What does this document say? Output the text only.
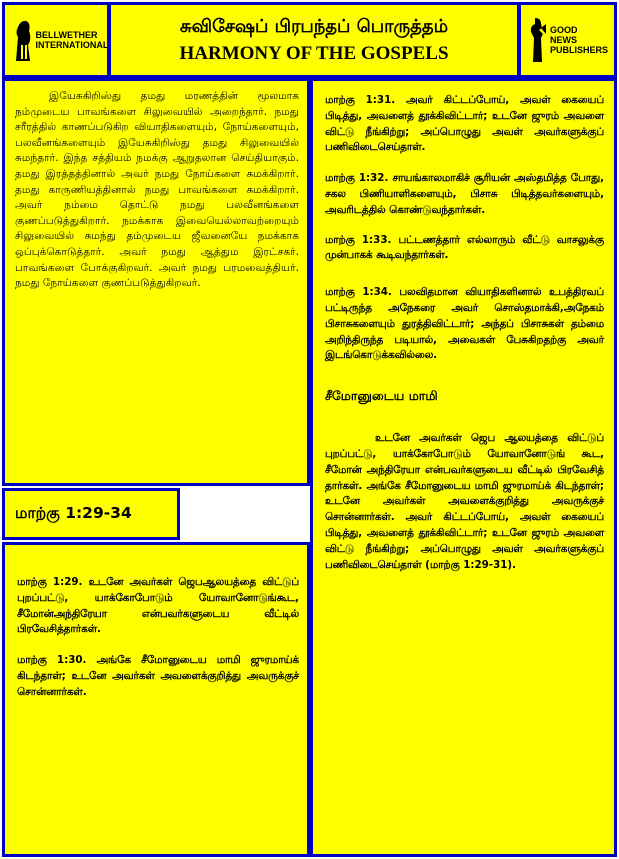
BELLWETHER INTERNATIONAL
சுவிசேஷப் பிரபந்தப் பொருத்தம்
HARMONY OF THE GOSPELS
GOOD NEWS PUBLISHERS

இயேசுகிறிஸ்து தமது மரணத்தின் மூலமாக நம்முடைய பாவங்களை சிலுவையில் அறைந்தார். நமது சரீரத்தில் காணப்படுகிற வியாதிகளையும், நோய்களையும், பலவீனங்களையும் இயேசுகிறிஸ்து தமது சிலுவையில் சுமந்தார். இந்த சத்தியம் நமக்கு ஆறுதலான செய்தியாகும். தமது இரத்தத்தினால் அவர் நமது நோய்களை சுமக்கிறார். தமது காருணியத்தினால் நமது பாவங்களை சுமக்கிறார். அவர் நம்மை தொட்டு நமது பலவீனங்களை குணப்படுத்துகிறார். நமக்காக இவையெல்லாவற்றையும் சிலுவையில் சுமந்து தம்முடைய ஜீவனையே நமக்காக ஒப்புக்கொடுத்தார். அவர் நமது ஆத்தும இரட்சகர். பாவங்களை போக்குகிறவர். அவர் நமது பரமவைத்தியர். நமது நோய்களை குணப்படுத்துகிறவர்.

மாற்கு 1:29-34

மாற்கு 1:29. உடனே அவர்கள் ஜெபஆலயத்தை விட்டுப் புறப்பட்டு, யாக்கோபோடும் யோவானோடுங்கூட, சீமோன்அந்திரேயா என்பவர்களுடைய வீட்டில் பிரவேசித்தார்கள்.

மாற்கு 1:30. அங்கே சீமோனுடைய மாமி ஜுரமாய்க் கிடந்தாள்; உடனே அவர்கள் அவளைக்குறித்து அவருக்குச் சொன்னார்கள்.

மாற்கு 1:31. அவர் கிட்டப்போய், அவள் கையைப் பிடித்து, அவளைத் தூக்கிவிட்டார்; உடனே ஜுரம் அவளை விட்டு நீங்கிற்று; அப்பொழுது அவள் அவர்களுக்குப் பணிவிடைசெய்தாள்.

மாற்கு 1:32. சாயங்காலமாகிச் சூரியன் அஸ்தமித்த போது, சகல பிணியாளிகளையும், பிசாசு பிடித்தவர்களையும், அவரிடத்தில் கொண்டுவந்தார்கள்.

மாற்கு 1:33. பட்டணத்தார் எல்லாரும் வீட்டு வாசலுக்கு முன்பாகக் கூடிவந்தார்கள்.

மாற்கு 1:34. பலவிதமான வியாதிகளினால் உபத்திரவப் பட்டிருந்த அநேகரை அவர் சொஸ்தமாக்கி,அநேகம் பிசாசுகளையும் துரத்திவிட்டார்; அந்தப் பிசாசுகள் தம்மை அறிந்திருந்த படியால், அவைகள் பேசுகிறதற்கு அவர் இடங்கொடுக்கவில்லை.

சீமோனுடைய மாமி

உடனே அவர்கள் ஜெப ஆலயத்தை விட்டுப் புறப்பட்டு, யாக்கோபோடும் யோவானோடுங் கூட, சீமோன் அந்திரேயா என்பவர்களுடைய வீட்டில் பிரவேசித் தார்கள். அங்கே சீமோனுடைய மாமி ஜுரமாய்க் கிடந்தாள்; உடனே அவர்கள் அவளைக்குறித்து அவருக்குச் சொன்னார்கள். அவர் கிட்டப்போய், அவள் கையைப் பிடித்து, அவளைத் தூக்கிவிட்டார்; உடனே ஜுரம் அவளை விட்டு நீங்கிற்று; அப்பொழுது அவள் அவர்களுக்குப் பணிவிடைசெய்தாள் (மாற்கு 1:29-31).
